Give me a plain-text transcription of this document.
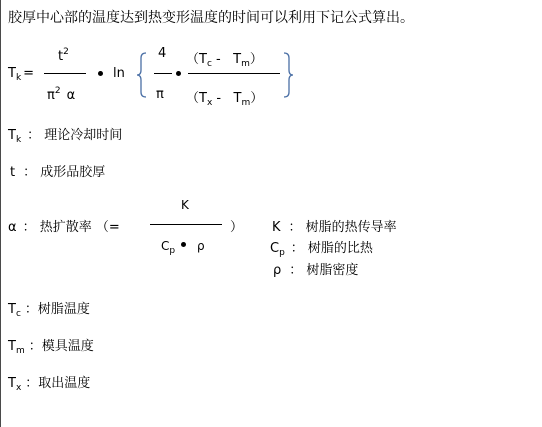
胶厚中心部的温度达到热变形温度的时间可以利用下记公式算出。
$T_k$ =
$t^2$
$\pi^2$ α
ln
4
π
$(T_c - T_m)$
$(T_x - T_m)$
$T_k$ ： 理论冷却时间
t ： 成形品胶厚
α ： 热扩散率 （=
K
$C_p$ ρ
） K ： 树脂的热传导率
$C_p$ ： 树脂的比热
ρ ： 树脂密度
$T_c$ ：树脂温度
$T_m$ ：模具温度
$T_x$ ：取出温度
